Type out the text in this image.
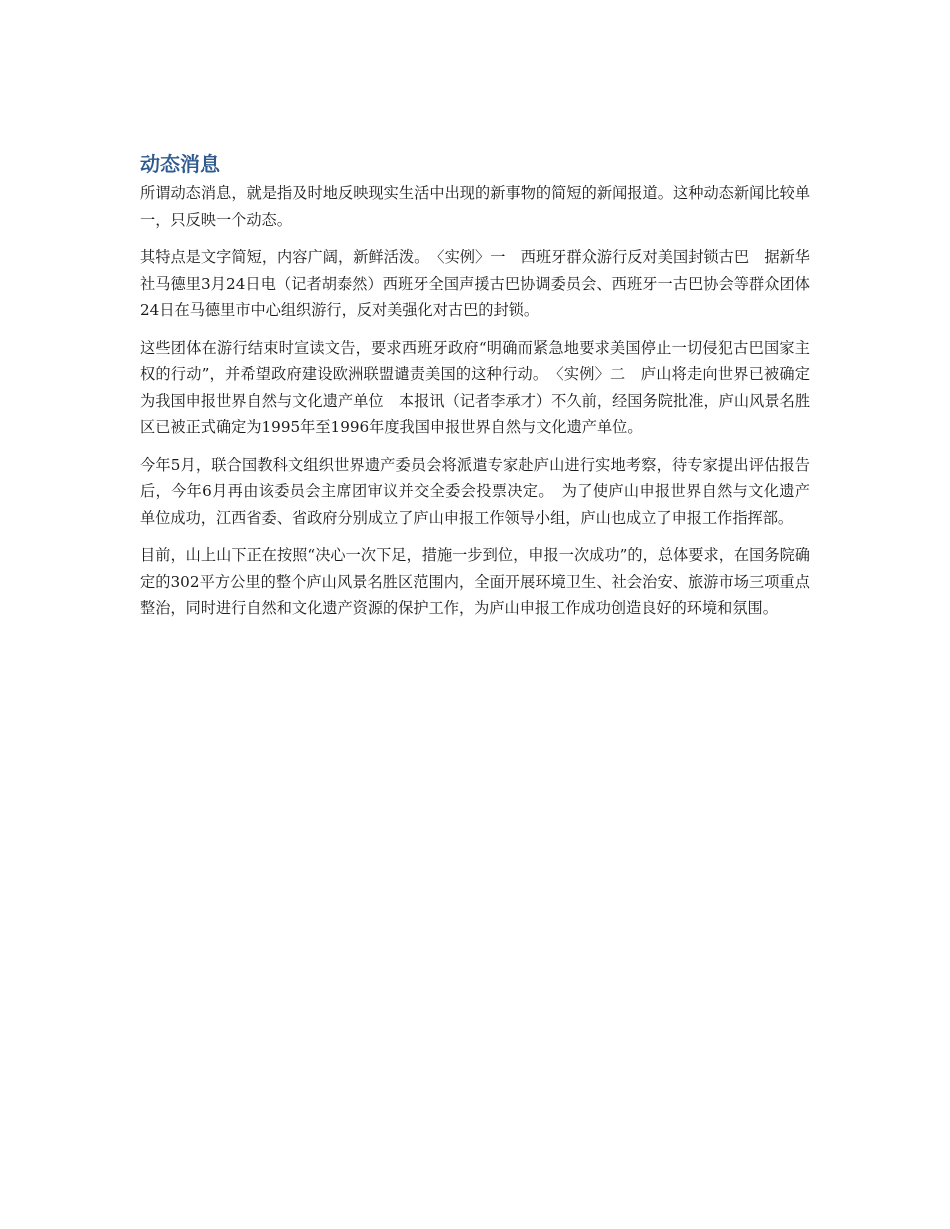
动态消息

所谓动态消息，就是指及时地反映现实生活中出现的新事物的简短的新闻报道。这种动态新闻比较单一，只反映一个动态。

其特点是文字简短，内容广阔，新鲜活泼。　〈实例〉一　西班牙群众游行反对美国封锁古巴　据新华社马德里3月24日电（记者胡泰然）西班牙全国声援古巴协调委员会、西班牙一古巴协会等群众团体24日在马德里市中心组织游行，反对美强化对古巴的封锁。

这些团体在游行结束时宣读文告，要求西班牙政府“明确而紧急地要求美国停止一切侵犯古巴国家主权的行动”，并希望政府建设欧洲联盟谴责美国的这种行动。　〈实例〉二　庐山将走向世界已被确定为我国申报世界自然与文化遗产单位　本报讯（记者李承才）不久前，经国务院批准，庐山风景名胜区已被正式确定为1995年至1996年度我国申报世界自然与文化遗产单位。

今年5月，联合国教科文组织世界遗产委员会将派遣专家赴庐山进行实地考察，待专家提出评估报告后，今年6月再由该委员会主席团审议并交全委会投票决定。　为了使庐山申报世界自然与文化遗产单位成功，江西省委、省政府分别成立了庐山申报工作领导小组，庐山也成立了申报工作指挥部。

目前，山上山下正在按照“决心一次下足，措施一步到位，申报一次成功”的，总体要求，在国务院确定的302平方公里的整个庐山风景名胜区范围内，全面开展环境卫生、社会治安、旅游市场三项重点整治，同时进行自然和文化遗产资源的保护工作，为庐山申报工作成功创造良好的环境和氛围。
